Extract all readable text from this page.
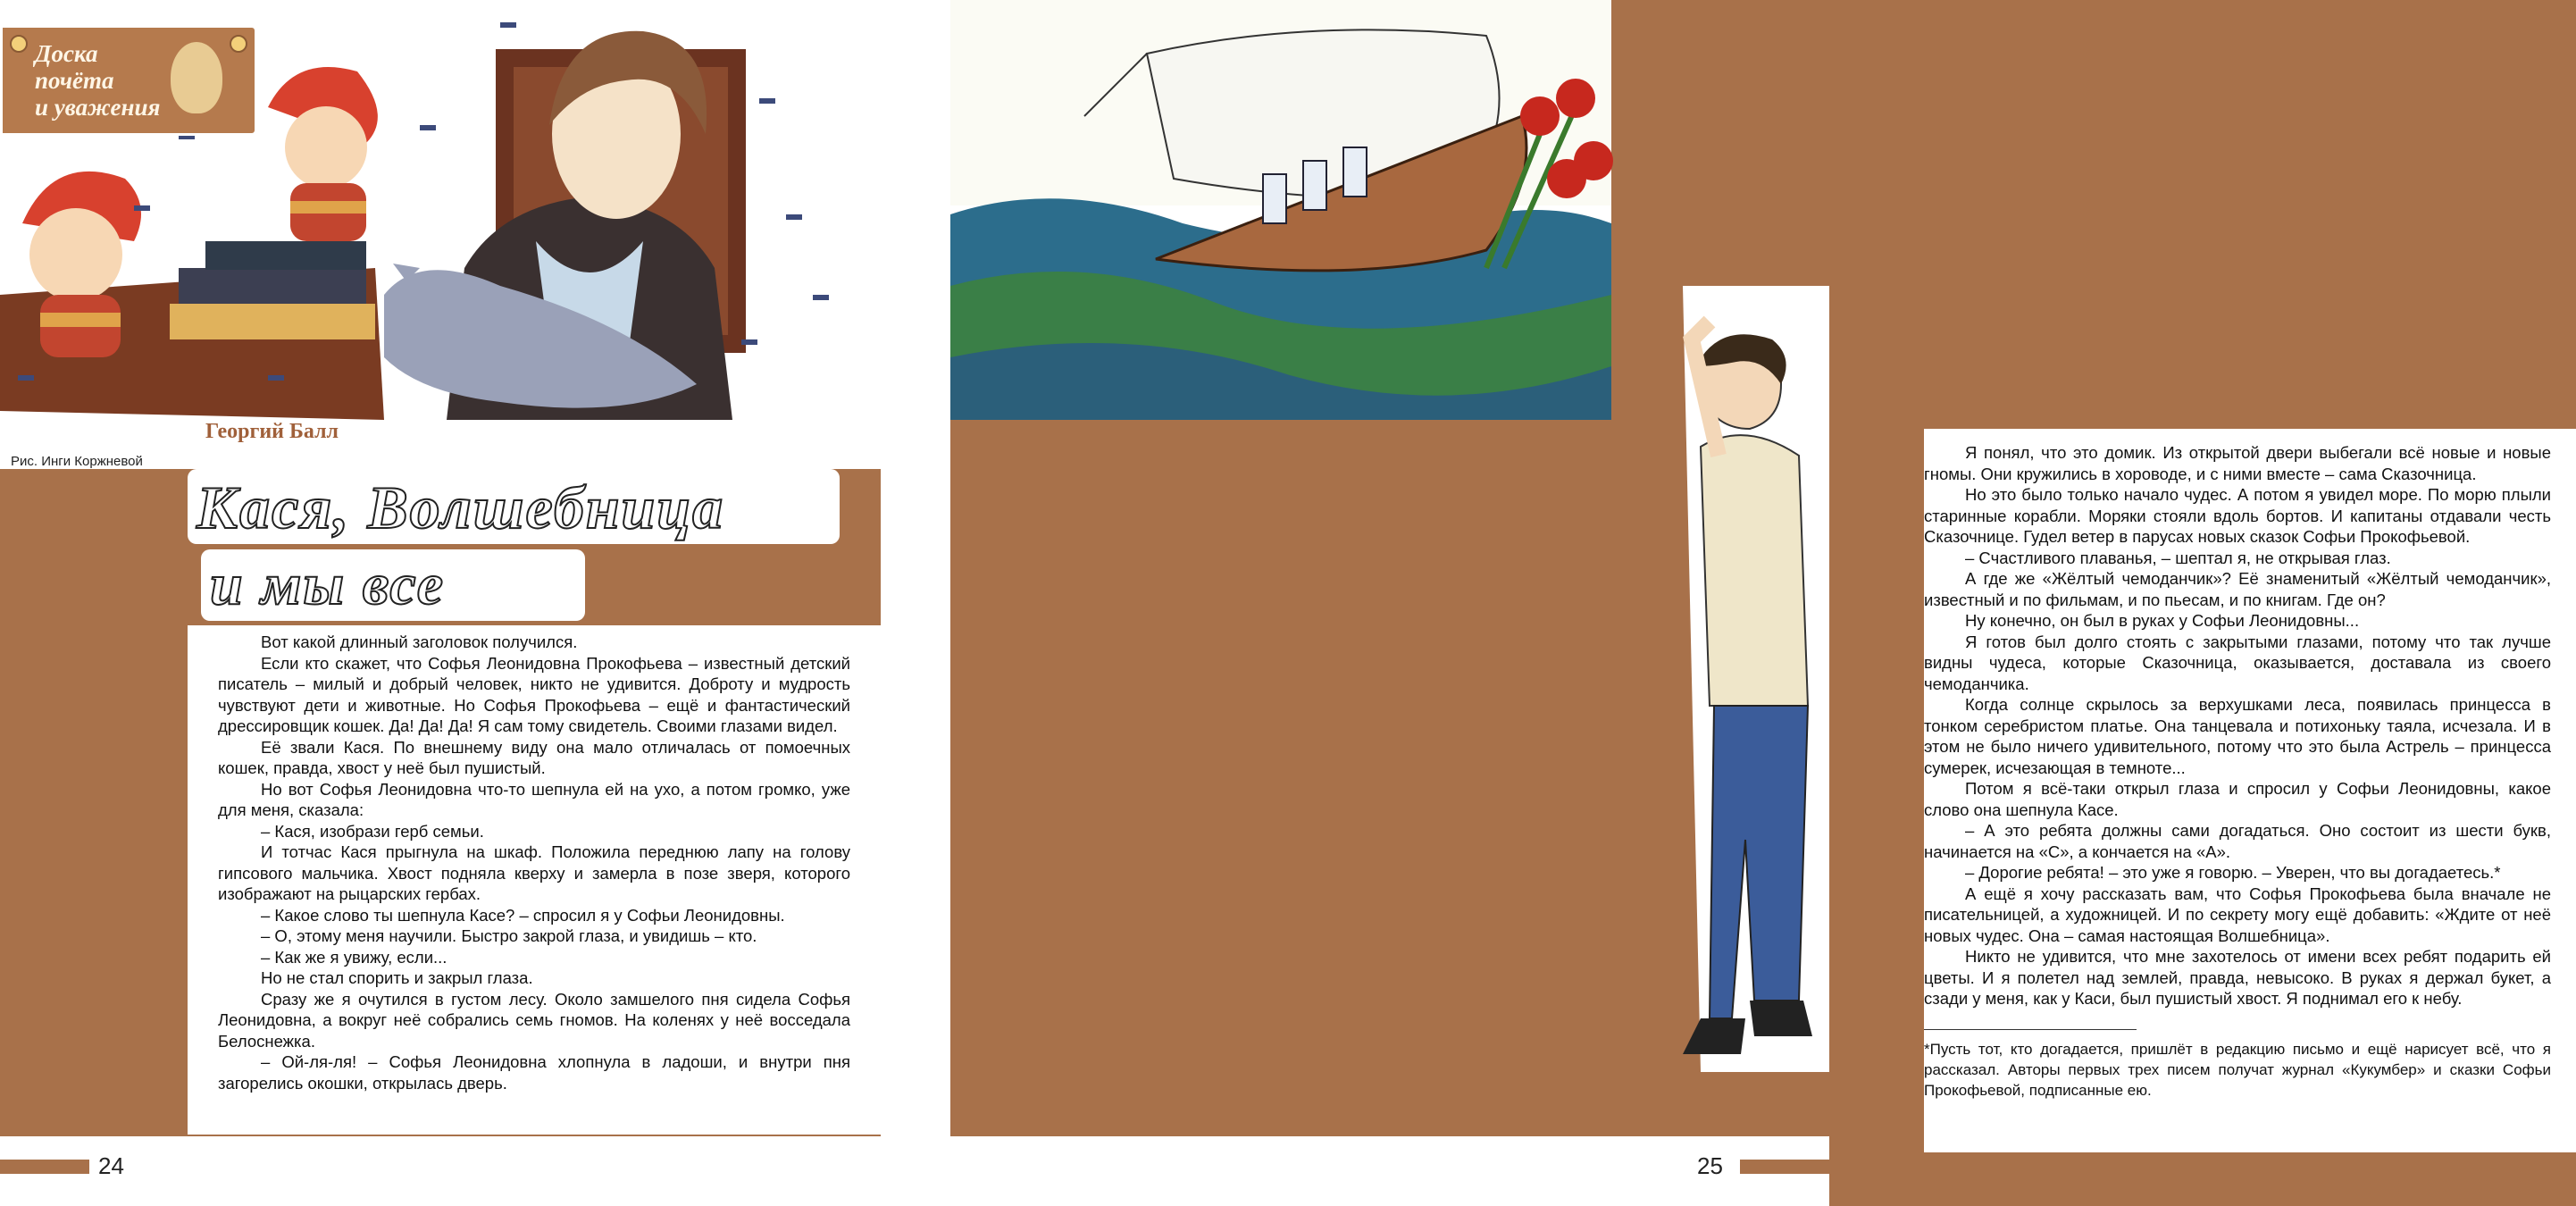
Доска
почёта
и уважения
Рис. Инги Коржневой
Георгий Балл
Кася, Волшебница
и мы все

Вот какой длинный заголовок получился.

Если кто скажет, что Софья Леонидовна Прокофьева – известный детский писатель – милый и добрый человек, никто не удивится. Доброту и мудрость чувствуют дети и животные. Но Софья Прокофьева – ещё и фантастический дрессировщик кошек. Да! Да! Да! Я сам тому свидетель. Своими глазами видел.

Её звали Кася. По внешнему виду она мало отличалась от помоечных кошек, правда, хвост у неё был пушистый.

Но вот Софья Леонидовна что-то шепнула ей на ухо, а потом громко, уже для меня, сказала:

– Кася, изобрази герб семьи.

И тотчас Кася прыгнула на шкаф. Положила переднюю лапу на голову гипсового мальчика. Хвост подняла кверху и замерла в позе зверя, которого изображают на рыцарских гербах.

– Какое слово ты шепнула Касе? – спросил я у Софьи Леонидовны.

– О, этому меня научили. Быстро закрой глаза, и увидишь – кто.

– Как же я увижу, если...

Но не стал спорить и закрыл глаза.

Сразу же я очутился в густом лесу. Около замшелого пня сидела Софья Леонидовна, а вокруг неё собрались семь гномов. На коленях у неё восседала Белоснежка.

– Ой-ля-ля! – Софья Леонидовна хлопнула в ладоши, и внутри пня загорелись окошки, открылась дверь.

24

Я понял, что это домик. Из открытой двери выбегали всё новые и новые гномы. Они кружились в хороводе, и с ними вместе – сама Сказочница.

Но это было только начало чудес. А потом я увидел море. По морю плыли старинные корабли. Моряки стояли вдоль бортов. И капитаны отдавали честь Сказочнице. Гудел ветер в парусах новых сказок Софьи Прокофьевой.

– Счастливого плаванья, – шептал я, не открывая глаз.

А где же «Жёлтый чемоданчик»? Её знаменитый «Жёлтый чемоданчик», известный и по фильмам, и по пьесам, и по книгам. Где он?

Ну конечно, он был в руках у Софьи Леонидовны...

Я готов был долго стоять с закрытыми глазами, потому что так лучше видны чудеса, которые Сказочница, оказывается, доставала из своего чемоданчика.

Когда солнце скрылось за верхушками леса, появилась принцесса в тонком серебристом платье. Она танцевала и потихоньку таяла, исчезала. И в этом не было ничего удивительного, потому что это была Астрель – принцесса сумерек, исчезающая в темноте...

Потом я всё-таки открыл глаза и спросил у Софьи Леонидовны, какое слово она шепнула Касе.

– А это ребята должны сами догадаться. Оно состоит из шести букв, начинается на «С», а кончается на «А».

– Дорогие ребята! – это уже я говорю. – Уверен, что вы догадаетесь.*

А ещё я хочу рассказать вам, что Софья Прокофьева была вначале не писательницей, а художницей. И по секрету могу ещё добавить: «Ждите от неё новых чудес. Она – самая настоящая Волшебница».

Никто не удивится, что мне захотелось от имени всех ребят подарить ей цветы. И я полетел над землей, правда, невысоко. В руках я держал букет, а сзади у меня, как у Каси, был пушистый хвост. Я поднимал его к небу.

*Пусть тот, кто догадается, пришлёт в редакцию письмо и ещё нарисует всё, что я рассказал. Авторы первых трех писем получат журнал «Кукумбер» и сказки Софьи Прокофьевой, подписанные ею.

25
